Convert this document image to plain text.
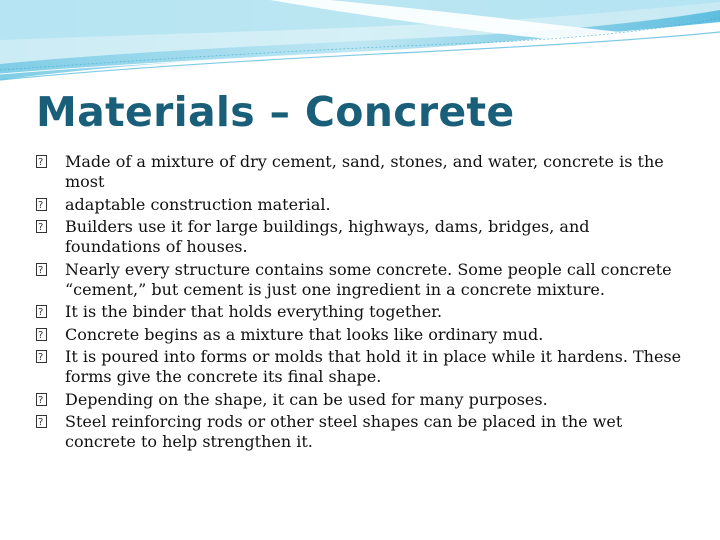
Materials – Concrete
?
Made of a mixture of dry cement, sand, stones, and water, concrete is the most
?
adaptable construction material.
?
Builders use it for large buildings, highways, dams, bridges, and foundations of houses.
?
Nearly every structure contains some concrete. Some people call concrete “cement,” but cement is just one ingredient in a concrete mixture.
?
It is the binder that holds everything together.
?
Concrete begins as a mixture that looks like ordinary mud.
?
It is poured into forms or molds that hold it in place while it hardens. These forms give the concrete its final shape.
?
Depending on the shape, it can be used for many purposes.
?
Steel reinforcing rods or other steel shapes can be placed in the wet concrete to help strengthen it.
